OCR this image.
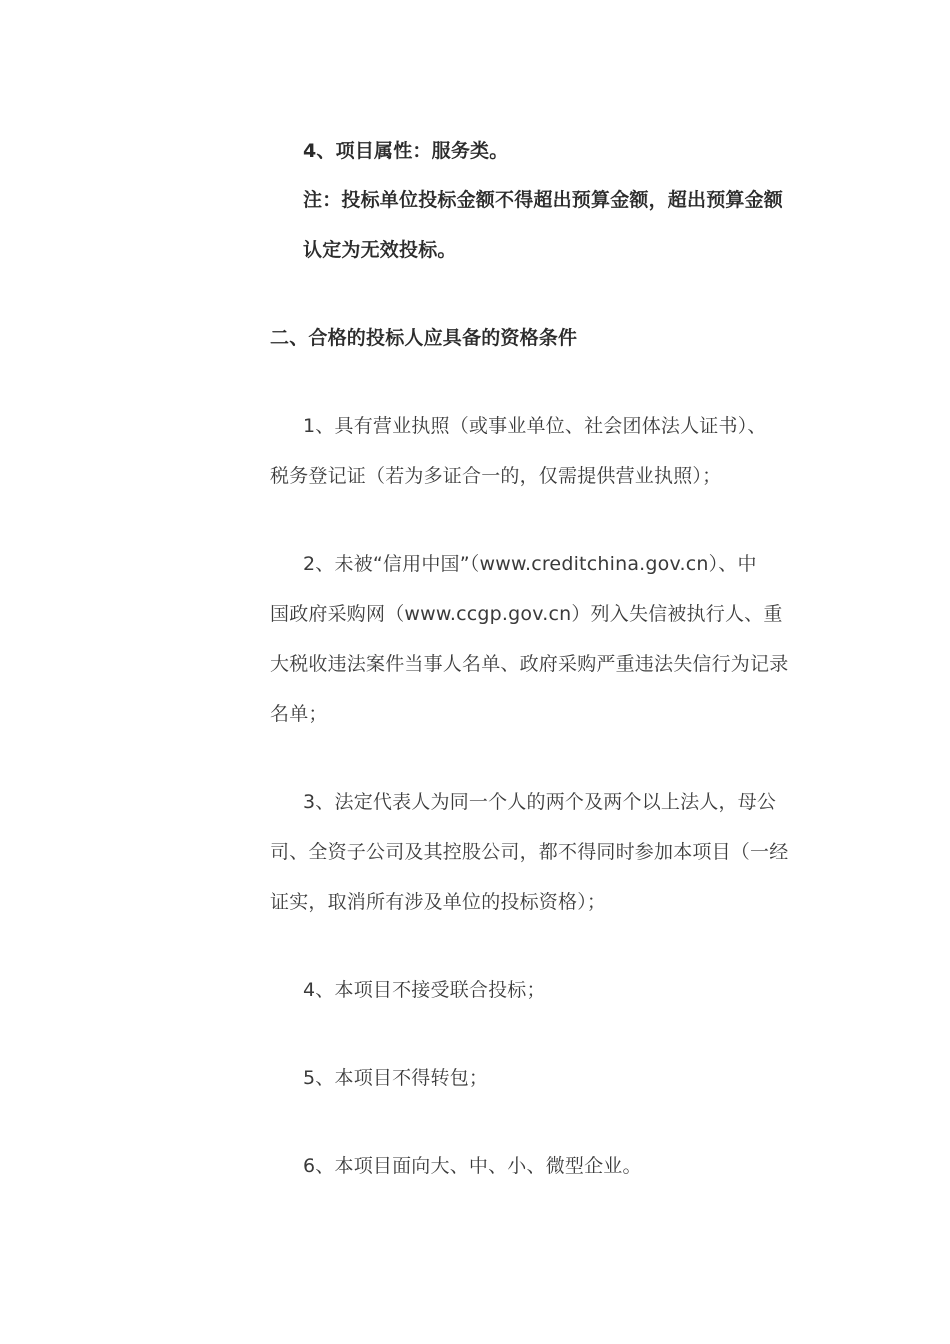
4、项目属性：服务类。
注：投标单位投标金额不得超出预算金额，超出预算金额
认定为无效投标。
二、合格的投标人应具备的资格条件
1、具有营业执照（或事业单位、社会团体法人证书）、
税务登记证（若为多证合一的，仅需提供营业执照）；
2、未被“信用中国”（www.creditchina.gov.cn）、中
国政府采购网（www.ccgp.gov.cn）列入失信被执行人、重
大税收违法案件当事人名单、政府采购严重违法失信行为记录
名单；
3、法定代表人为同一个人的两个及两个以上法人，母公
司、全资子公司及其控股公司，都不得同时参加本项目（一经
证实，取消所有涉及单位的投标资格）；
4、本项目不接受联合投标；
5、本项目不得转包；
6、本项目面向大、中、小、微型企业。
